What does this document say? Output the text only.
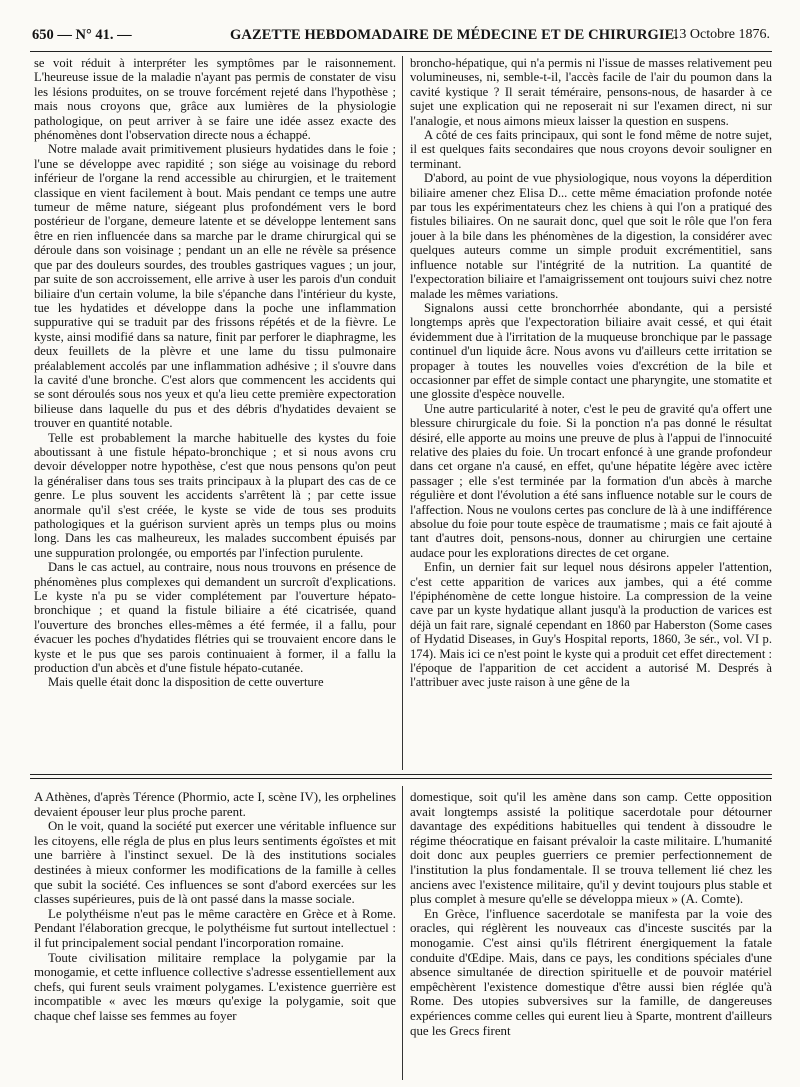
650 — N° 41. —	GAZETTE HEBDOMADAIRE DE MÉDECINE ET DE CHIRURGIE.
13 Octobre 1876.

se voit réduit à interpréter les symptômes par le raisonnement. L'heureuse issue de la maladie n'ayant pas permis de constater de visu les lésions produites, on se trouve forcément rejeté dans l'hypothèse ; mais nous croyons que, grâce aux lumières de la physiologie pathologique, on peut arriver à se faire une idée assez exacte des phénomènes dont l'observation directe nous a échappé.

Notre malade avait primitivement plusieurs hydatides dans le foie ; l'une se développe avec rapidité ; son siége au voisinage du rebord inférieur de l'organe la rend accessible au chirurgien, et le traitement classique en vient facilement à bout. Mais pendant ce temps une autre tumeur de même nature, siégeant plus profondément vers le bord postérieur de l'organe, demeure latente et se développe lentement sans être en rien influencée dans sa marche par le drame chirurgical qui se déroule dans son voisinage ; pendant un an elle ne révèle sa présence que par des douleurs sourdes, des troubles gastriques vagues ; un jour, par suite de son accroissement, elle arrive à user les parois d'un conduit biliaire d'un certain volume, la bile s'épanche dans l'intérieur du kyste, tue les hydatides et développe dans la poche une inflammation suppurative qui se traduit par des frissons répétés et de la fièvre. Le kyste, ainsi modifié dans sa nature, finit par perforer le diaphragme, les deux feuillets de la plèvre et une lame du tissu pulmonaire préalablement accolés par une inflammation adhésive ; il s'ouvre dans la cavité d'une bronche. C'est alors que commencent les accidents qui se sont déroulés sous nos yeux et qu'a lieu cette première expectoration bilieuse dans laquelle du pus et des débris d'hydatides devaient se trouver en quantité notable.

Telle est probablement la marche habituelle des kystes du foie aboutissant à une fistule hépato-bronchique ; et si nous avons cru devoir développer notre hypothèse, c'est que nous pensons qu'on peut la généraliser dans tous ses traits principaux à la plupart des cas de ce genre. Le plus souvent les accidents s'arrêtent là ; par cette issue anormale qu'il s'est créée, le kyste se vide de tous ses produits pathologiques et la guérison survient après un temps plus ou moins long. Dans les cas malheureux, les malades succombent épuisés par une suppuration prolongée, ou emportés par l'infection purulente.

Dans le cas actuel, au contraire, nous nous trouvons en présence de phénomènes plus complexes qui demandent un surcroît d'explications. Le kyste n'a pu se vider complétement par l'ouverture hépato-bronchique ; et quand la fistule biliaire a été cicatrisée, quand l'ouverture des bronches elles-mêmes a été fermée, il a fallu, pour évacuer les poches d'hydatides flétries qui se trouvaient encore dans le kyste et le pus que ses parois continuaient à former, il a fallu la production d'un abcès et d'une fistule hépato-cutanée.

Mais quelle était donc la disposition de cette ouverture

broncho-hépatique, qui n'a permis ni l'issue de masses relativement peu volumineuses, ni, semble-t-il, l'accès facile de l'air du poumon dans la cavité kystique ? Il serait téméraire, pensons-nous, de hasarder à ce sujet une explication qui ne reposerait ni sur l'examen direct, ni sur l'analogie, et nous aimons mieux laisser la question en suspens.

A côté de ces faits principaux, qui sont le fond même de notre sujet, il est quelques faits secondaires que nous croyons devoir souligner en terminant.

D'abord, au point de vue physiologique, nous voyons la déperdition biliaire amener chez Elisa D... cette même émaciation profonde notée par tous les expérimentateurs chez les chiens à qui l'on a pratiqué des fistules biliaires. On ne saurait donc, quel que soit le rôle que l'on fera jouer à la bile dans les phénomènes de la digestion, la considérer avec quelques auteurs comme un simple produit excrémentitiel, sans influence notable sur l'intégrité de la nutrition. La quantité de l'expectoration biliaire et l'amaigrissement ont toujours suivi chez notre malade les mêmes variations.

Signalons aussi cette bronchorrhée abondante, qui a persisté longtemps après que l'expectoration biliaire avait cessé, et qui était évidemment due à l'irritation de la muqueuse bronchique par le passage continuel d'un liquide âcre. Nous avons vu d'ailleurs cette irritation se propager à toutes les nouvelles voies d'excrétion de la bile et occasionner par effet de simple contact une pharyngite, une stomatite et une glossite d'espèce nouvelle.

Une autre particularité à noter, c'est le peu de gravité qu'a offert une blessure chirurgicale du foie. Si la ponction n'a pas donné le résultat désiré, elle apporte au moins une preuve de plus à l'appui de l'innocuité relative des plaies du foie. Un trocart enfoncé à une grande profondeur dans cet organe n'a causé, en effet, qu'une hépatite légère avec ictère passager ; elle s'est terminée par la formation d'un abcès à marche régulière et dont l'évolution a été sans influence notable sur le cours de l'affection. Nous ne voulons certes pas conclure de là à une indifférence absolue du foie pour toute espèce de traumatisme ; mais ce fait ajouté à tant d'autres doit, pensons-nous, donner au chirurgien une certaine audace pour les explorations directes de cet organe.

Enfin, un dernier fait sur lequel nous désirons appeler l'attention, c'est cette apparition de varices aux jambes, qui a été comme l'épiphénomène de cette longue histoire. La compression de la veine cave par un kyste hydatique allant jusqu'à la production de varices est déjà un fait rare, signalé cependant en 1860 par Haberston (Some cases of Hydatid Diseases, in Guy's Hospital reports, 1860, 3e sér., vol. VI p. 174). Mais ici ce n'est point le kyste qui a produit cet effet directement : l'époque de l'apparition de cet accident a autorisé M. Després à l'attribuer avec juste raison à une gêne de la

A Athènes, d'après Térence (Phormio, acte I, scène IV), les orphelines devaient épouser leur plus proche parent.

On le voit, quand la société put exercer une véritable influence sur les citoyens, elle régla de plus en plus leurs sentiments égoïstes et mit une barrière à l'instinct sexuel. De là des institutions sociales destinées à mieux conformer les modifications de la famille à celles que subit la société. Ces influences se sont d'abord exercées sur les classes supérieures, puis de là ont passé dans la masse sociale.

Le polythéisme n'eut pas le même caractère en Grèce et à Rome. Pendant l'élaboration grecque, le polythéisme fut surtout intellectuel : il fut principalement social pendant l'incorporation romaine.

Toute civilisation militaire remplace la polygamie par la monogamie, et cette influence collective s'adresse essentiellement aux chefs, qui furent seuls vraiment polygames. L'existence guerrière est incompatible « avec les mœurs qu'exige la polygamie, soit que chaque chef laisse ses femmes au foyer

domestique, soit qu'il les amène dans son camp. Cette opposition avait longtemps assisté la politique sacerdotale pour détourner davantage des expéditions habituelles qui tendent à dissoudre le régime théocratique en faisant prévaloir la caste militaire. L'humanité doit donc aux peuples guerriers ce premier perfectionnement de l'institution la plus fondamentale. Il se trouva tellement lié chez les anciens avec l'existence militaire, qu'il y devint toujours plus stable et plus complet à mesure qu'elle se développa mieux » (A. Comte).

En Grèce, l'influence sacerdotale se manifesta par la voie des oracles, qui réglèrent les nouveaux cas d'inceste suscités par la monogamie. C'est ainsi qu'ils flétrirent énergiquement la fatale conduite d'Œdipe. Mais, dans ce pays, les conditions spéciales d'une absence simultanée de direction spirituelle et de pouvoir matériel empêchèrent l'existence domestique d'être aussi bien réglée qu'à Rome. Des utopies subversives sur la famille, de dangereuses expériences comme celles qui eurent lieu à Sparte, montrent d'ailleurs que les Grecs firent
